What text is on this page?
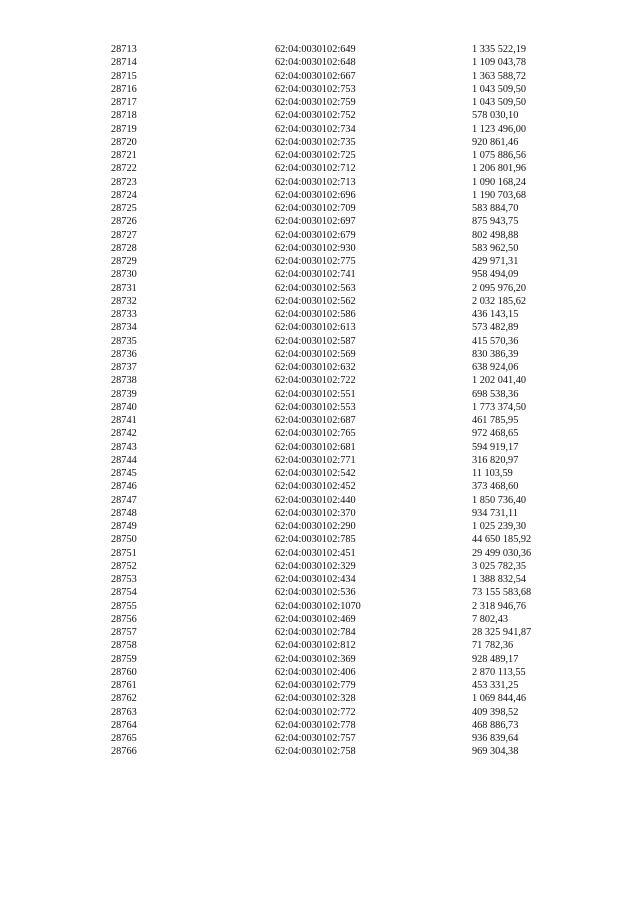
28713	62:04:0030102:649	1 335 522,19
28714	62:04:0030102:648	1 109 043,78
28715	62:04:0030102:667	1 363 588,72
28716	62:04:0030102:753	1 043 509,50
28717	62:04:0030102:759	1 043 509,50
28718	62:04:0030102:752	578 030,10
28719	62:04:0030102:734	1 123 496,00
28720	62:04:0030102:735	920 861,46
28721	62:04:0030102:725	1 075 886,56
28722	62:04:0030102:712	1 206 801,96
28723	62:04:0030102:713	1 090 168,24
28724	62:04:0030102:696	1 190 703,68
28725	62:04:0030102:709	583 884,70
28726	62:04:0030102:697	875 943,75
28727	62:04:0030102:679	802 498,88
28728	62:04:0030102:930	583 962,50
28729	62:04:0030102:775	429 971,31
28730	62:04:0030102:741	958 494,09
28731	62:04:0030102:563	2 095 976,20
28732	62:04:0030102:562	2 032 185,62
28733	62:04:0030102:586	436 143,15
28734	62:04:0030102:613	573 482,89
28735	62:04:0030102:587	415 570,36
28736	62:04:0030102:569	830 386,39
28737	62:04:0030102:632	638 924,06
28738	62:04:0030102:722	1 202 041,40
28739	62:04:0030102:551	698 538,36
28740	62:04:0030102:553	1 773 374,50
28741	62:04:0030102:687	461 785,95
28742	62:04:0030102:765	972 468,65
28743	62:04:0030102:681	594 919,17
28744	62:04:0030102:771	316 820,97
28745	62:04:0030102:542	11 103,59
28746	62:04:0030102:452	373 468,60
28747	62:04:0030102:440	1 850 736,40
28748	62:04:0030102:370	934 731,11
28749	62:04:0030102:290	1 025 239,30
28750	62:04:0030102:785	44 650 185,92
28751	62:04:0030102:451	29 499 030,36
28752	62:04:0030102:329	3 025 782,35
28753	62:04:0030102:434	1 388 832,54
28754	62:04:0030102:536	73 155 583,68
28755	62:04:0030102:1070	2 318 946,76
28756	62:04:0030102:469	7 802,43
28757	62:04:0030102:784	28 325 941,87
28758	62:04:0030102:812	71 782,36
28759	62:04:0030102:369	928 489,17
28760	62:04:0030102:406	2 870 113,55
28761	62:04:0030102:779	453 331,25
28762	62:04:0030102:328	1 069 844,46
28763	62:04:0030102:772	409 398,52
28764	62:04:0030102:778	468 886,73
28765	62:04:0030102:757	936 839,64
28766	62:04:0030102:758	969 304,38
